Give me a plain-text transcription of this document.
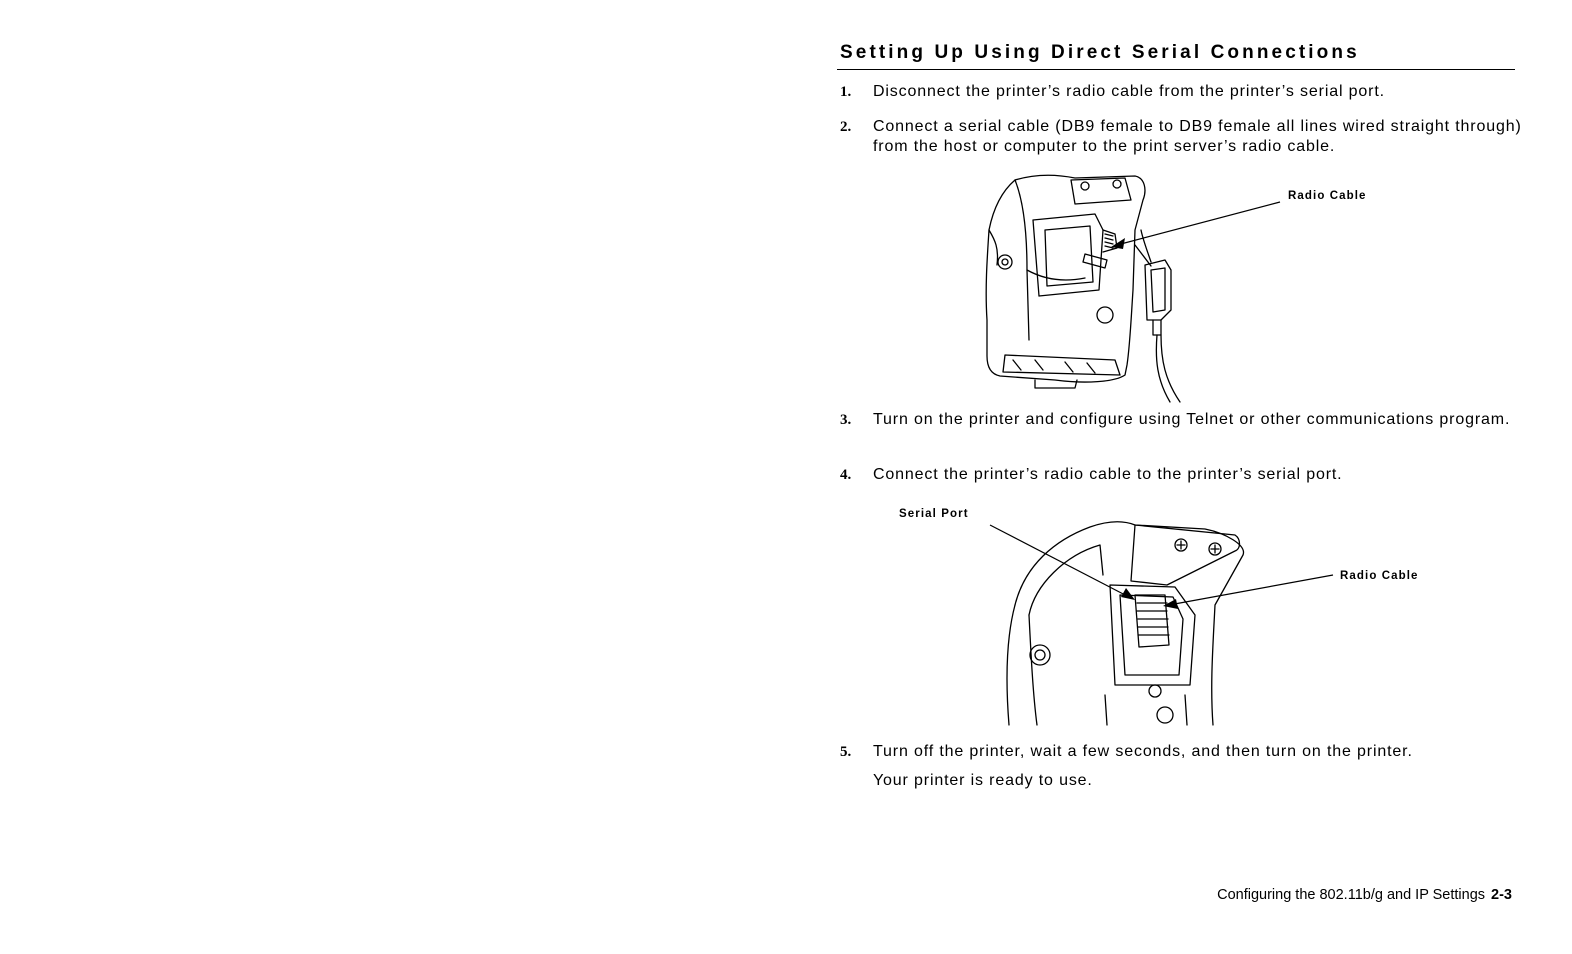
Setting Up Using Direct Serial Connections
1. Disconnect the printer’s radio cable from the printer’s serial port.
2. Connect a serial cable (DB9 female to DB9 female all lines wired straight through) from the host or computer to the print server’s radio cable.
Radio Cable
3. Turn on the printer and configure using Telnet or other communications program.
4. Connect the printer’s radio cable to the printer’s serial port.
Serial Port
Radio Cable
5. Turn off the printer, wait a few seconds, and then turn on the printer.
Your printer is ready to use.
Configuring the 802.11b/g and IP Settings 2-3
